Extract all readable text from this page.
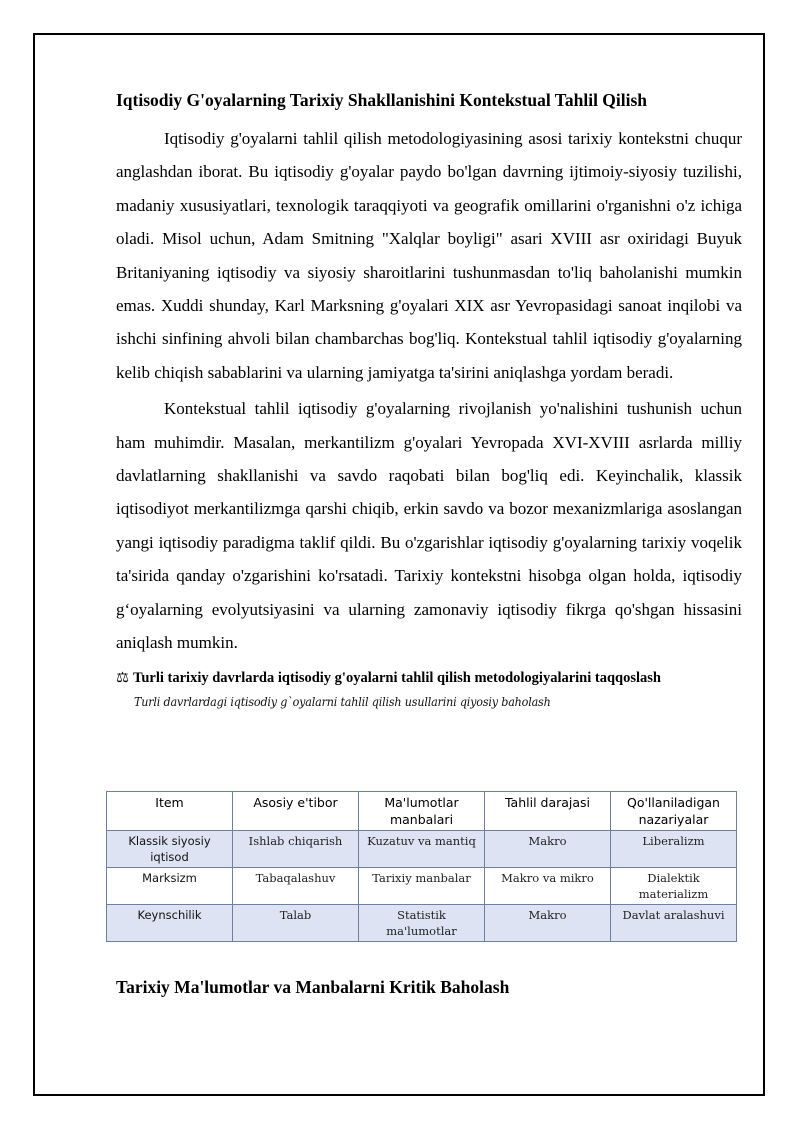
Iqtisodiy G'oyalarning Tarixiy Shakllanishini Kontekstual Tahlil Qilish

Iqtisodiy g'oyalarni tahlil qilish metodologiyasining asosi tarixiy kontekstni chuqur anglashdan iborat. Bu iqtisodiy g'oyalar paydo bo'lgan davrning ijtimoiy-siyosiy tuzilishi, madaniy xususiyatlari, texnologik taraqqiyoti va geografik omillarini o'rganishni o'z ichiga oladi. Misol uchun, Adam Smitning "Xalqlar boyligi" asari XVIII asr oxiridagi Buyuk Britaniyaning iqtisodiy va siyosiy sharoitlarini tushunmasdan to'liq baholanishi mumkin emas. Xuddi shunday, Karl Marksning g'oyalari XIX asr Yevropasidagi sanoat inqilobi va ishchi sinfining ahvoli bilan chambarchas bog'liq. Kontekstual tahlil iqtisodiy g'oyalarning kelib chiqish sabablarini va ularning jamiyatga ta'sirini aniqlashga yordam beradi.

Kontekstual tahlil iqtisodiy g'oyalarning rivojlanish yo'nalishini tushunish uchun ham muhimdir. Masalan, merkantilizm g'oyalari Yevropada XVI-XVIII asrlarda milliy davlatlarning shakllanishi va savdo raqobati bilan bog'liq edi. Keyinchalik, klassik iqtisodiyot merkantilizmga qarshi chiqib, erkin savdo va bozor mexanizmlariga asoslangan yangi iqtisodiy paradigma taklif qildi. Bu o'zgarishlar iqtisodiy g'oyalarning tarixiy voqelik ta'sirida qanday o'zgarishini ko'rsatadi. Tarixiy kontekstni hisobga olgan holda, iqtisodiy g‘oyalarning evolyutsiyasini va ularning zamonaviy iqtisodiy fikrga qo'shgan hissasini aniqlash mumkin.

⚖ Turli tarixiy davrlarda iqtisodiy g'oyalarni tahlil qilish metodologiyalarini taqqoslash
Turli davrlardagi iqtisodiy g`oyalarni tahlil qilish usullarini qiyosiy baholash
Item	Asosiy e'tibor	Ma'lumotlar manbalari	Tahlil darajasi	Qo'llaniladigan nazariyalar
Klassik siyosiy iqtisod	Ishlab chiqarish	Kuzatuv va mantiq	Makro	Liberalizm
Marksizm	Tabaqalashuv	Tarixiy manbalar	Makro va mikro	Dialektik materializm
Keynschilik	Talab	Statistik ma'lumotlar	Makro	Davlat aralashuvi
Tarixiy Ma'lumotlar va Manbalarni Kritik Baholash
